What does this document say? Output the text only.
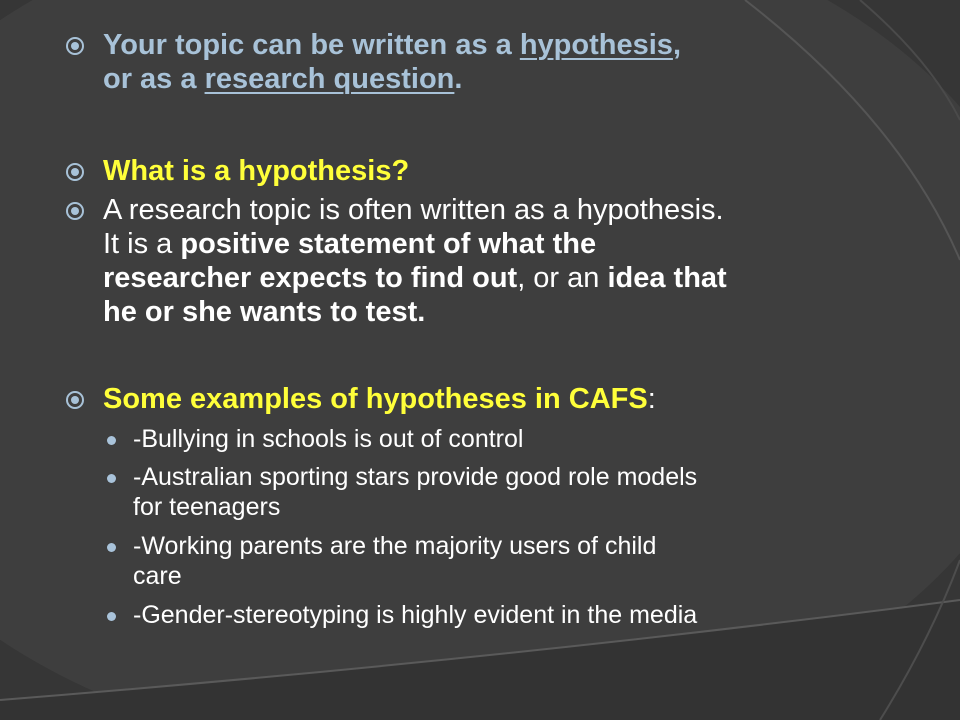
Your topic can be written as a hypothesis,
or as a research question.
What is a hypothesis?
A research topic is often written as a hypothesis.
It is a positive statement of what the
researcher expects to find out, or an idea that
he or she wants to test.
Some examples of hypotheses in CAFS:
-Bullying in schools is out of control
-Australian sporting stars provide good role models
for teenagers
-Working parents are the majority users of child
care
-Gender-stereotyping is highly evident in the media
